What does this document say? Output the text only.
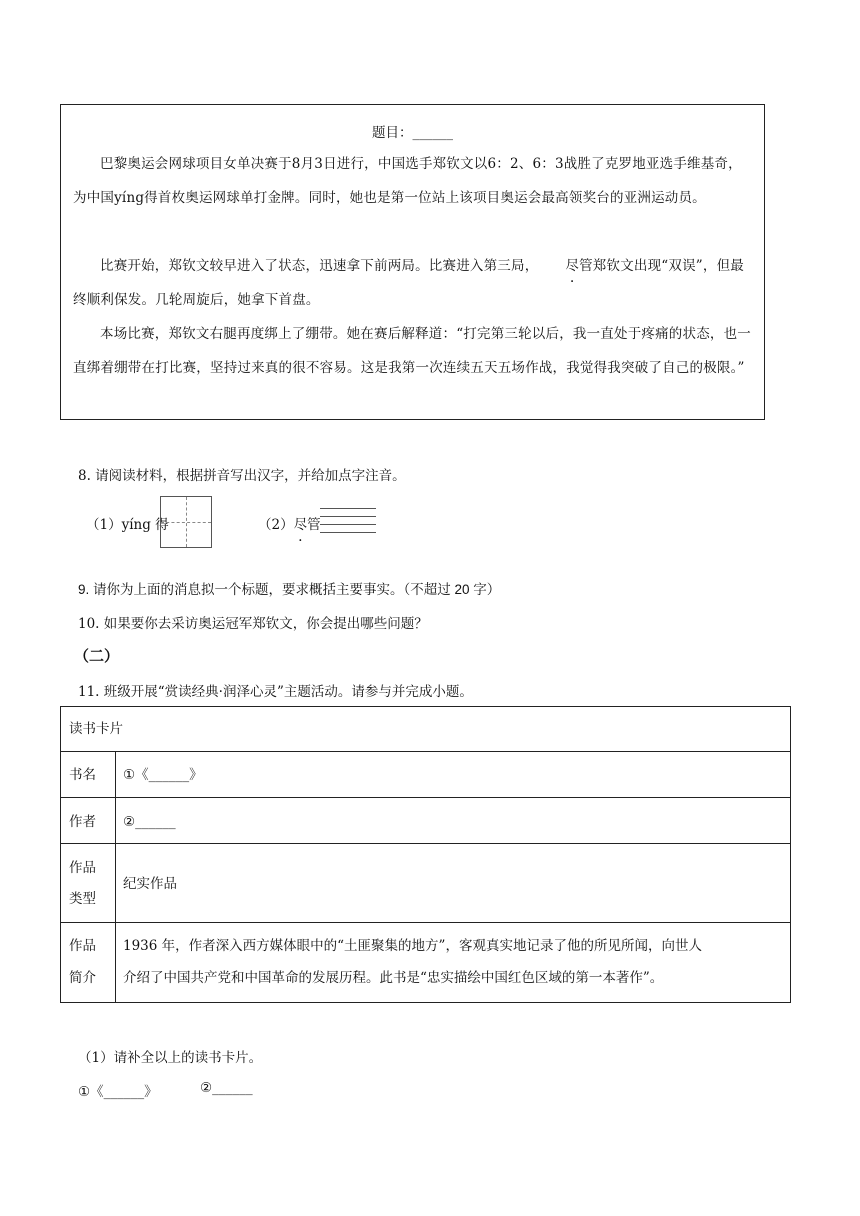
题目：______
巴黎奥运会网球项目女单决赛于8月3日进行，中国选手郑钦文以6：2、6：3战胜了克罗地亚选手维基奇，为中国yíng得首枚奥运网球单打金牌。同时，她也是第一位站上该项目奥运会最高领奖台的亚洲运动员。
比赛开始，郑钦文较早进入了状态，迅速拿下前两局。比赛进入第三局， 尽管郑钦文出现“双误”，但最终顺利保发。几轮周旋后，她拿下首盘。
本场比赛，郑钦文右腿再度绑上了绷带。她在赛后解释道：“打完第三轮以后，我一直处于疼痛的状态，也一直绑着绷带在打比赛，坚持过来真的很不容易。这是我第一次连续五天五场作战，我觉得我突破了自己的极限。”
8. 请阅读材料，根据拼音写出汉字，并给加点字注音。
（1）yíng 得	（2）尽管
9. 请你为上面的消息拟一个标题，要求概括主要事实。（不超过 20 字）
10. 如果要你去采访奥运冠军郑钦文，你会提出哪些问题？
（二）
11. 班级开展“赏读经典·润泽心灵”主题活动。请参与并完成小题。
读书卡片
书名 ①《______》
作者 ②______
作品
类型
纪实作品
作品
简介
1936 年，作者深入西方媒体眼中的“土匪聚集的地方”，客观真实地记录了他的所见所闻，向世人
介绍了中国共产党和中国革命的发展历程。此书是“忠实描绘中国红色区域的第一本著作”。
（1）请补全以上的读书卡片。
①《______》	②______
